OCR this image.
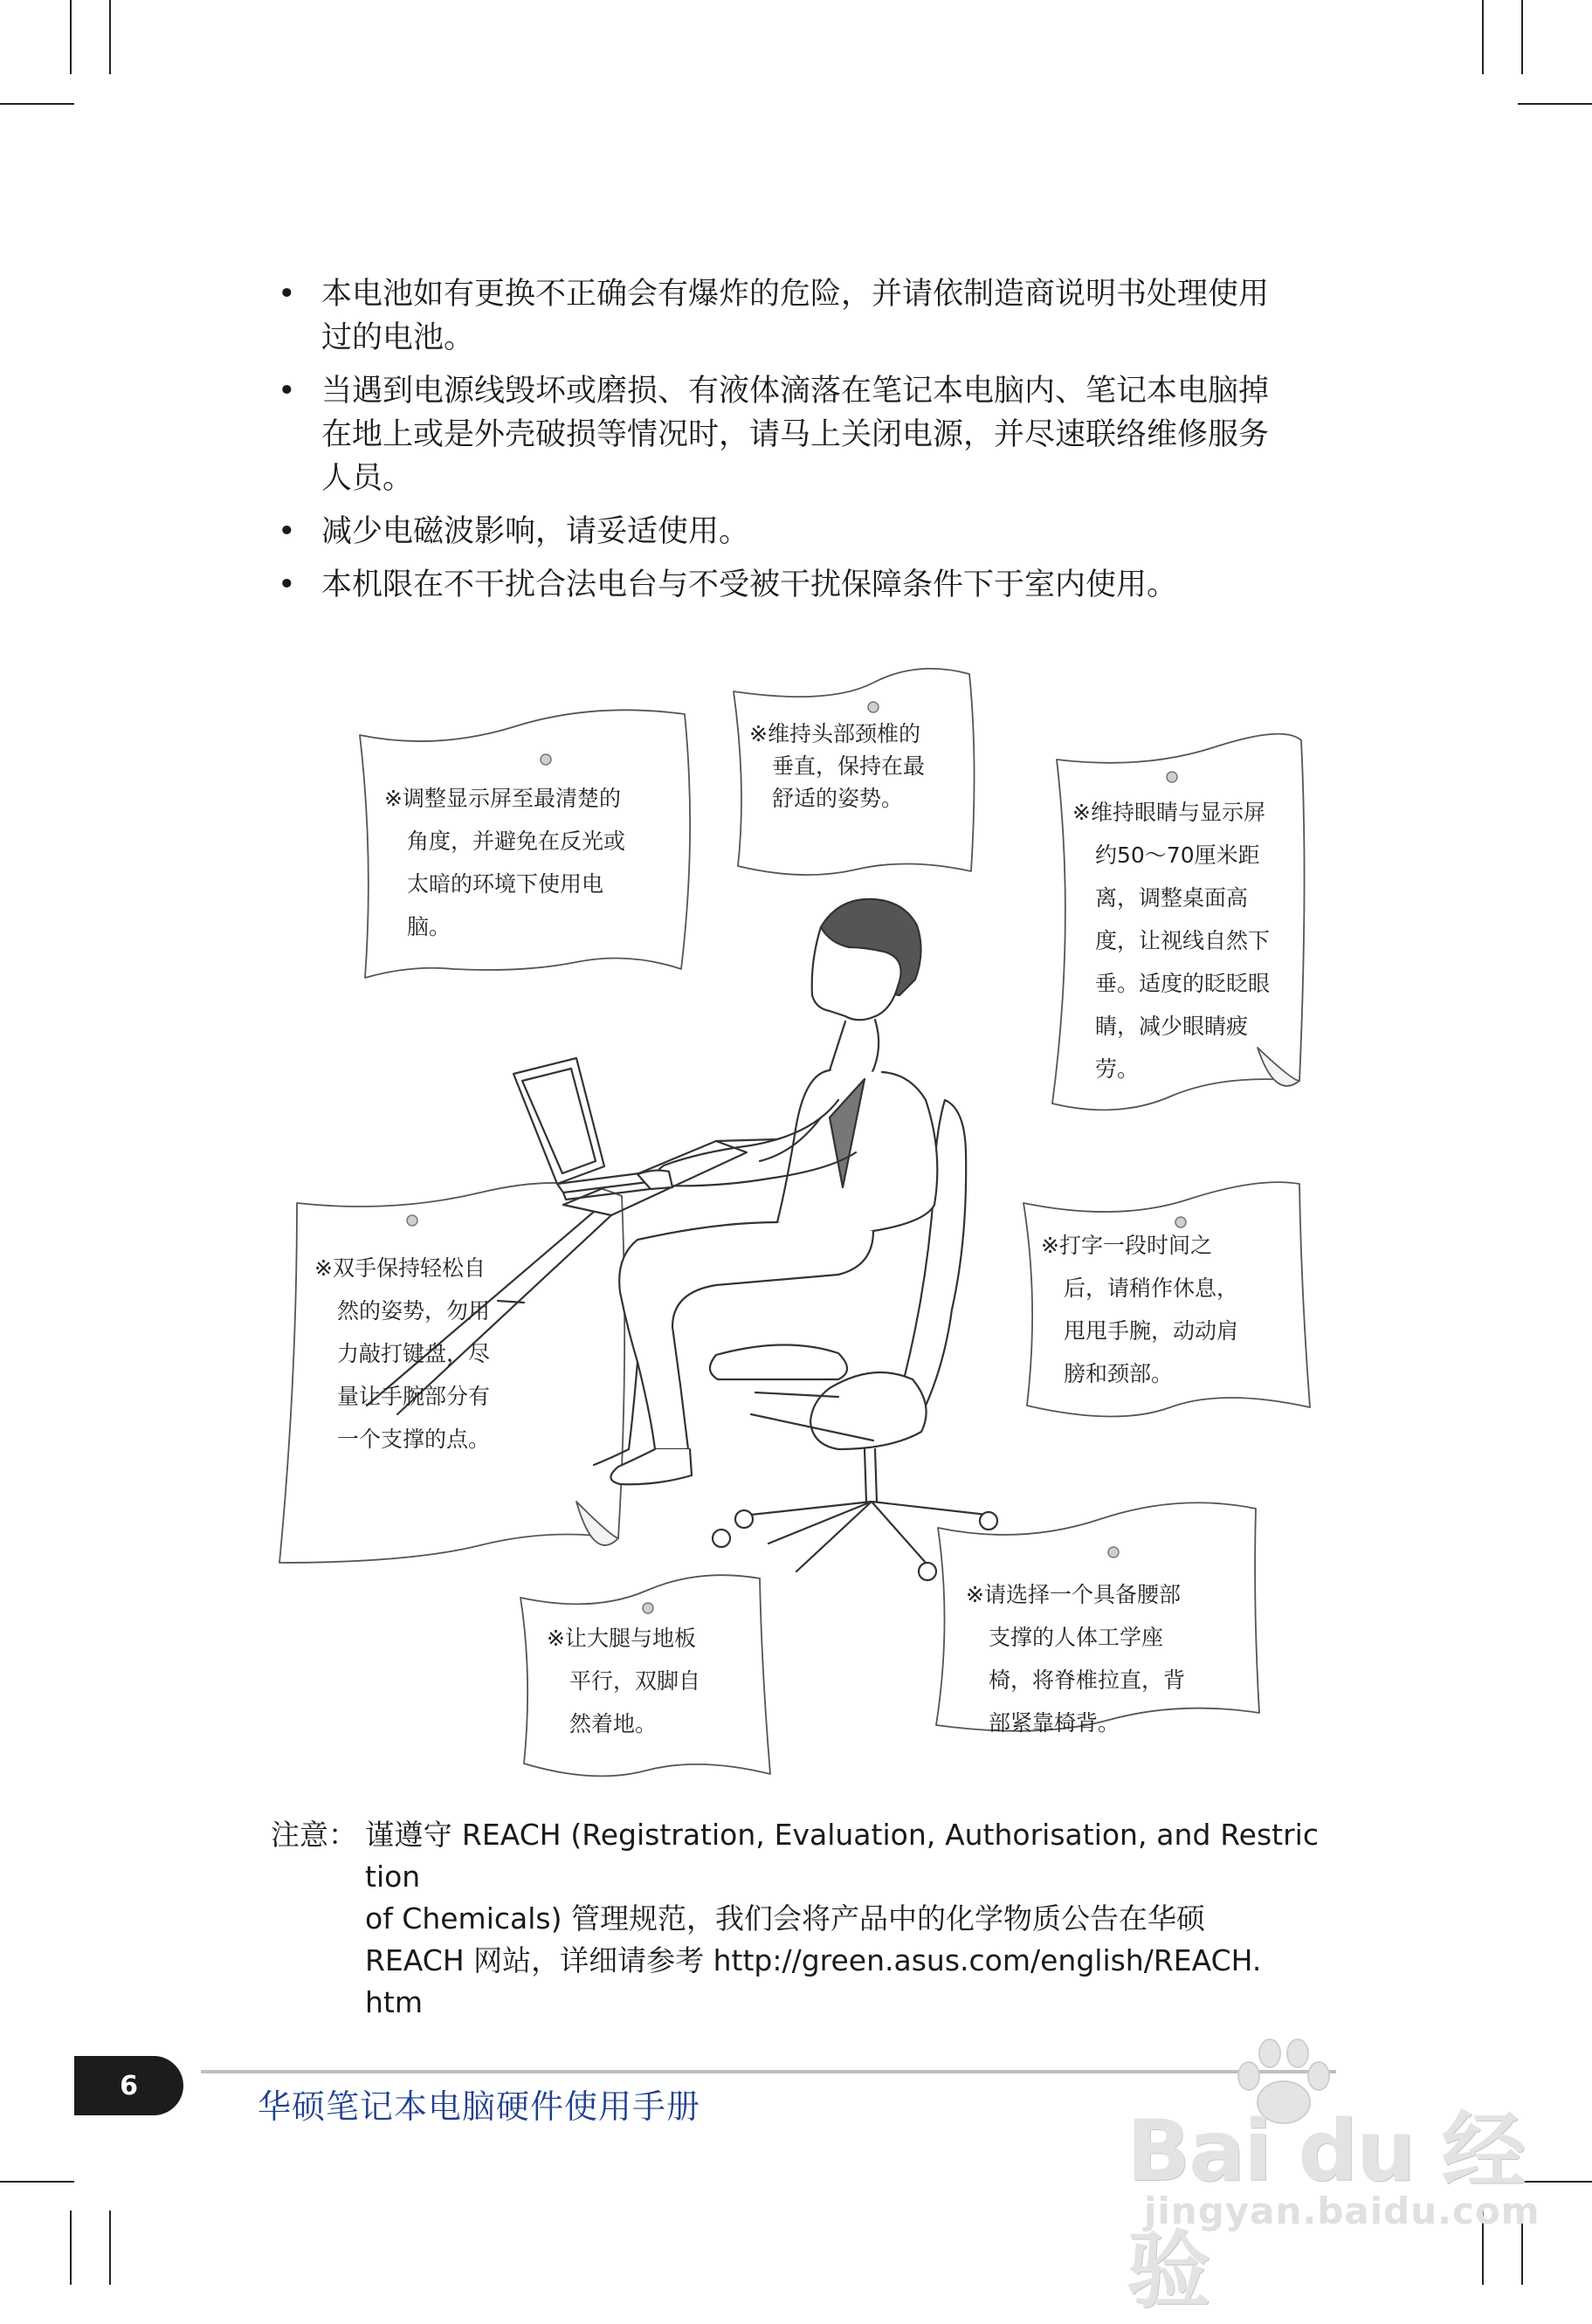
• 本电池如有更换不正确会有爆炸的危险，并请依制造商说明书处理使用
过的电池。
• 当遇到电源线毁坏或磨损、有液体滴落在笔记本电脑内、笔记本电脑掉
在地上或是外壳破损等情况时，请马上关闭电源，并尽速联络维修服务
人员。
• 减少电磁波影响，请妥适使用。
• 本机限在不干扰合法电台与不受被干扰保障条件下于室内使用。
※调整显示屏至最清楚的
角度，并避免在反光或
太暗的环境下使用电
脑。
※维持头部颈椎的
垂直，保持在最
舒适的姿势。
※维持眼睛与显示屏
约50～70厘米距
离，调整桌面高
度，让视线自然下
垂。适度的眨眨眼
睛，减少眼睛疲
劳。
※双手保持轻松自
然的姿势，勿用
力敲打键盘，尽
量让手腕部分有
一个支撑的点。
※打字一段时间之
后，请稍作休息，
甩甩手腕，动动肩
膀和颈部。
※让大腿与地板
平行，双脚自
然着地。
※请选择一个具备腰部
支撑的人体工学座
椅，将脊椎拉直，背
部紧靠椅背。
注意： 谨遵守 REACH (Registration, Evaluation, Authorisation, and Restriction
of Chemicals) 管理规范，我们会将产品中的化学物质公告在华硕
REACH 网站，详细请参考 http://green.asus.com/english/REACH.
htm
6
华硕笔记本电脑硬件使用手册	Bai du 经验
jingyan.baidu.com
